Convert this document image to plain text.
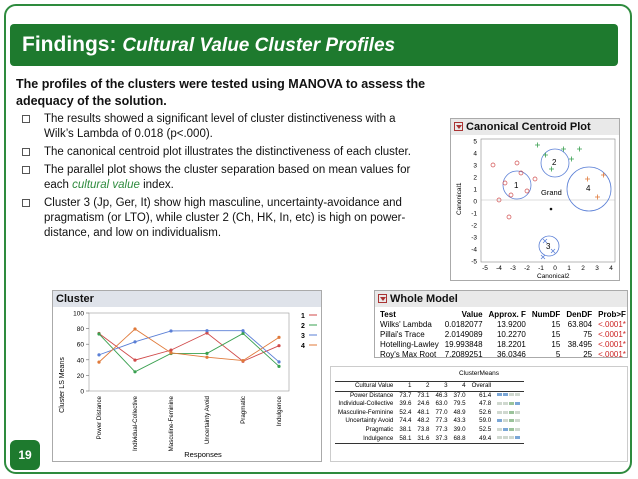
Findings: Cultural Value Cluster Profiles
The profiles of the clusters were tested using MANOVA to assess the adequacy of the solution.
The results showed a significant level of cluster distinctiveness with a Wilk’s Lambda of 0.018 (p<.000).
The canonical centroid plot illustrates the distinctiveness of each cluster.
The parallel plot shows the cluster separation based on mean values for each cultural value index.
Cluster 3 (Jp, Ger, It) show high masculine, uncertainty-avoidance and pragmatism (or LTO), while cluster 2 (Ch, HK, In, etc) is high on power-distance, and low on individualism.
Canonical Centroid Plot
5
4
3
2
1
0
-1
-2
-3
-4
-5
-5 -4 -3 -2 -1 0 1 2 3 4
1
2
4
3
Grand
Canonical1
Canonical2
Cluster
Cluster LS Means
Responses
0
20
40
60
80
100
Power Distance	Individual-Collective	Masculine-Feminine	Uncertainty Avoid	Pragmatic	Indulgence
1
2
3
4
Whole Model
Test	Value	Approx. F	NumDF	DenDF	Prob>F
Wilks' Lambda	0.0182077	13.9200	15	63.804	<.0001*
Pillai's Trace	2.0149089	10.2270	15	75	<.0001*
Hotelling-Lawley	19.993848	18.2201	15	38.495	<.0001*
Roy's Max Root	7.2089251	36.0346	5	25	<.0001*
ClusterMeans
Cultural Value	1	2	3	4	Overall	
Power Distance	73.7	73.1	46.3	37.0	61.4	
Individual-Collective	39.6	24.6	63.0	79.5	47.8	
Masculine-Feminine	52.4	48.1	77.0	48.9	52.6	
Uncertainty Avoid	74.4	48.2	77.3	43.3	59.0	
Pragmatic	38.1	73.8	77.3	39.0	52.5	
Indulgence	58.1	31.6	37.3	68.8	49.4	
19
